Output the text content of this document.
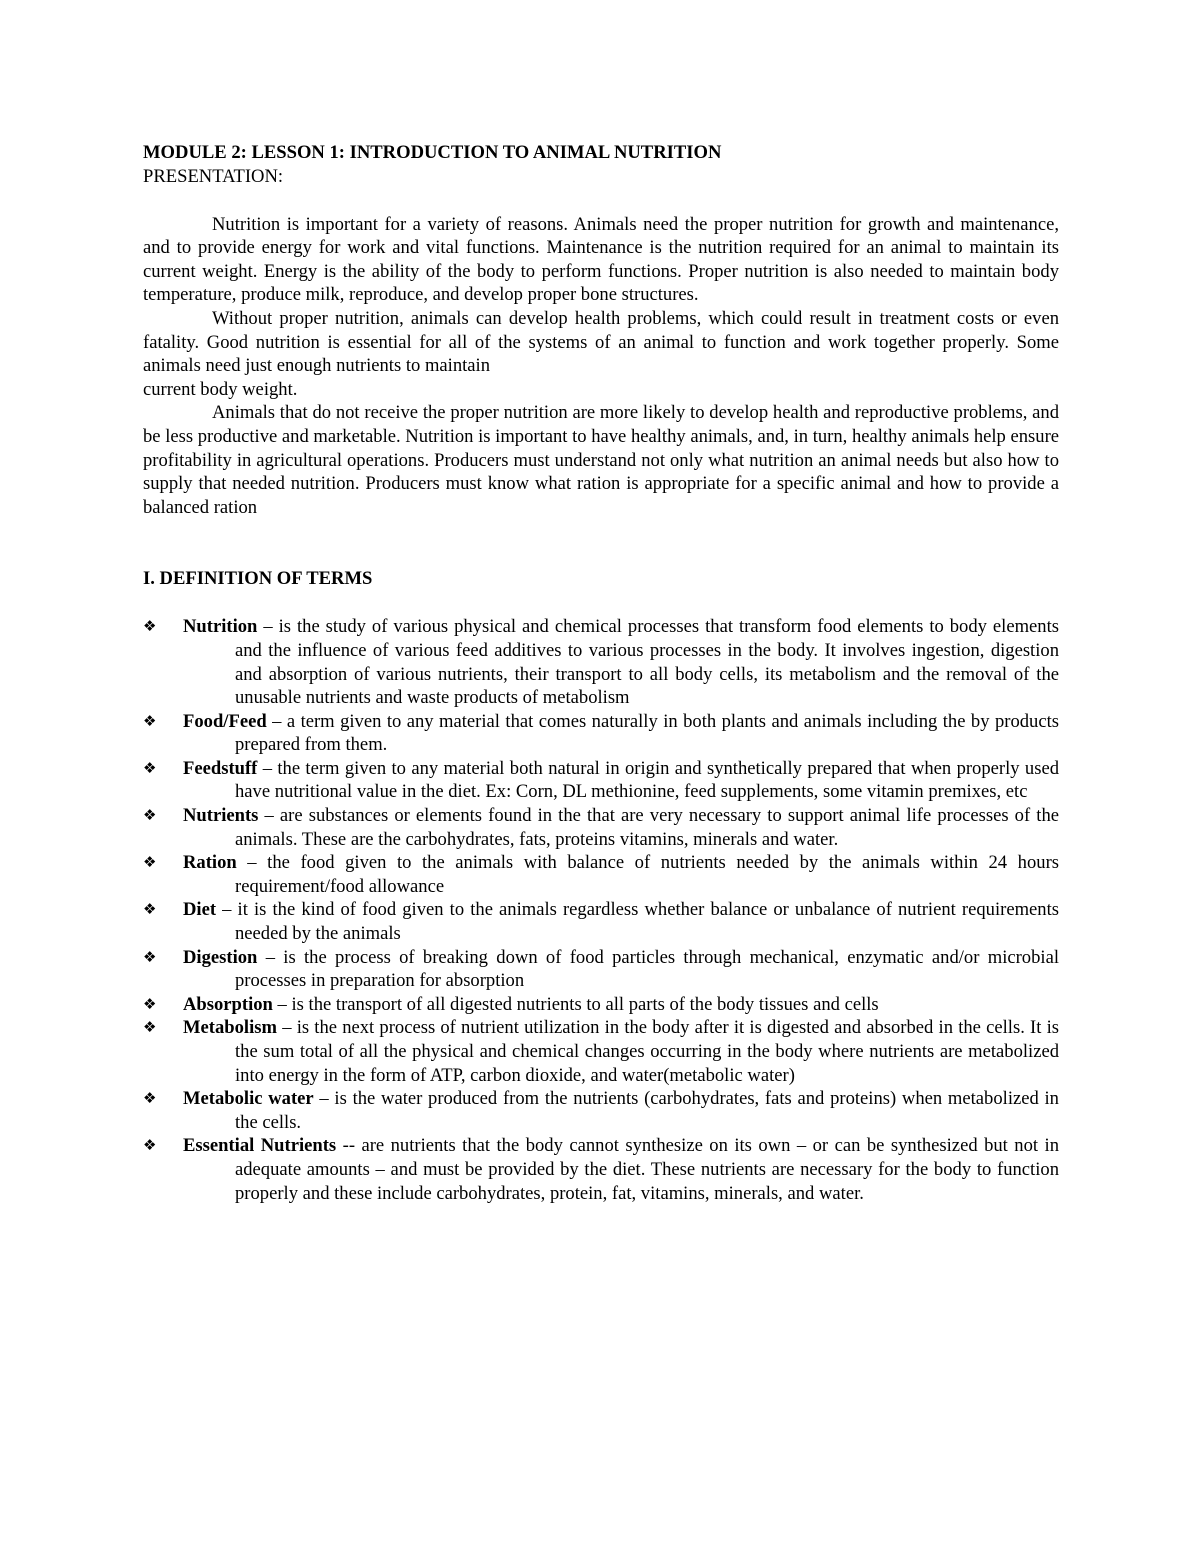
MODULE 2: LESSON 1: INTRODUCTION TO ANIMAL NUTRITION

PRESENTATION:

Nutrition is important for a variety of reasons. Animals need the proper nutrition for growth and maintenance, and to provide energy for work and vital functions. Maintenance is the nutrition required for an animal to maintain its current weight. Energy is the ability of the body to perform functions. Proper nutrition is also needed to maintain body temperature, produce milk, reproduce, and develop proper bone structures.

Without proper nutrition, animals can develop health problems, which could result in treatment costs or even fatality. Good nutrition is essential for all of the systems of an animal to function and work together properly. Some animals need just enough nutrients to maintain

current body weight.

Animals that do not receive the proper nutrition are more likely to develop health and reproductive problems, and be less productive and marketable. Nutrition is important to have healthy animals, and, in turn, healthy animals help ensure profitability in agricultural operations. Producers must understand not only what nutrition an animal needs but also how to supply that needed nutrition. Producers must know what ration is appropriate for a specific animal and how to provide a balanced ration

I. DEFINITION OF TERMS

❖	Nutrition – is the study of various physical and chemical processes that transform food elements to body elements and the influence of various feed additives to various processes in the body. It involves ingestion, digestion and absorption of various nutrients, their transport to all body cells, its metabolism and the removal of the unusable nutrients and waste products of metabolism
❖	Food/Feed – a term given to any material that comes naturally in both plants and animals including the by products prepared from them.
❖	Feedstuff – the term given to any material both natural in origin and synthetically prepared that when properly used have nutritional value in the diet. Ex: Corn, DL methionine, feed supplements, some vitamin premixes, etc
❖	Nutrients – are substances or elements found in the that are very necessary to support animal life processes of the animals. These are the carbohydrates, fats, proteins vitamins, minerals and water.
❖	Ration – the food given to the animals with balance of nutrients needed by the animals within 24 hours requirement/food allowance
❖	Diet – it is the kind of food given to the animals regardless whether balance or unbalance of nutrient requirements needed by the animals
❖	Digestion – is the process of breaking down of food particles through mechanical, enzymatic and/or microbial processes in preparation for absorption
❖	Absorption – is the transport of all digested nutrients to all parts of the body tissues and cells
❖	Metabolism – is the next process of nutrient utilization in the body after it is digested and absorbed in the cells. It is the sum total of all the physical and chemical changes occurring in the body where nutrients are metabolized into energy in the form of ATP, carbon dioxide, and water(metabolic water)
❖	Metabolic water – is the water produced from the nutrients (carbohydrates, fats and proteins) when metabolized in the cells.
❖	Essential Nutrients -- are nutrients that the body cannot synthesize on its own – or can be synthesized but not in adequate amounts – and must be provided by the diet. These nutrients are necessary for the body to function properly and these include carbohydrates, protein, fat, vitamins, minerals, and water.
